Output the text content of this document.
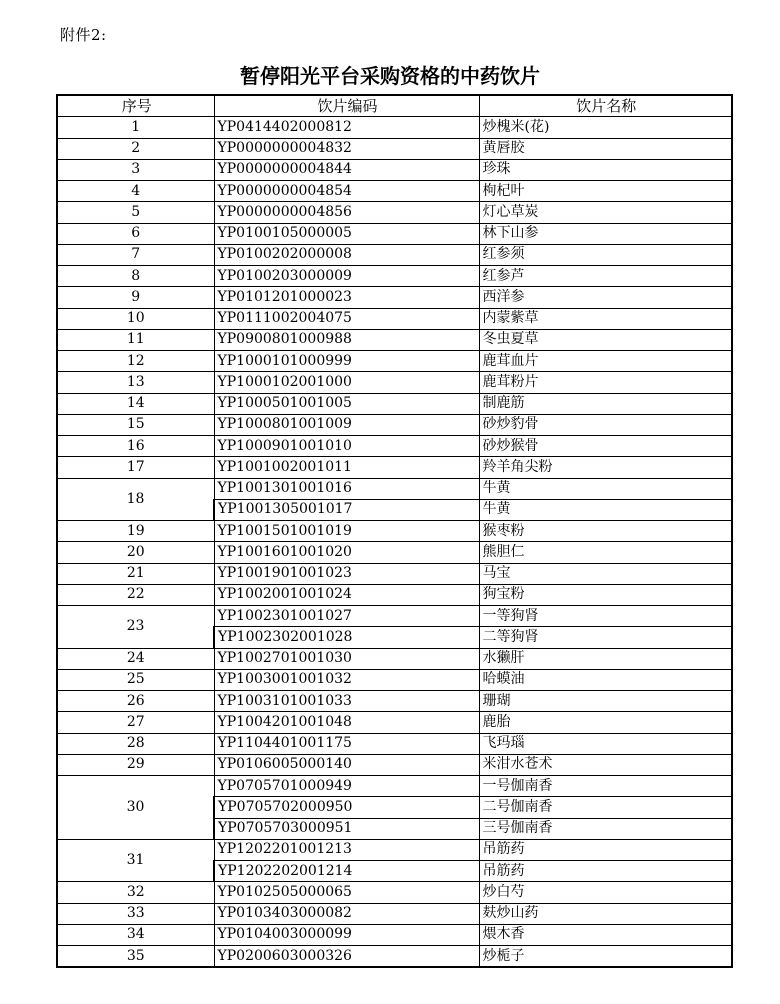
附件2:
暂停阳光平台采购资格的中药饮片
序号	饮片编码	饮片名称
1	YP0414402000812	炒槐米(花)
2	YP0000000004832	黄唇胶
3	YP0000000004844	珍珠
4	YP0000000004854	枸杞叶
5	YP0000000004856	灯心草炭
6	YP0100105000005	林下山参
7	YP0100202000008	红参须
8	YP0100203000009	红参芦
9	YP0101201000023	西洋参
10	YP0111002004075	内蒙紫草
11	YP0900801000988	冬虫夏草
12	YP1000101000999	鹿茸血片
13	YP1000102001000	鹿茸粉片
14	YP1000501001005	制鹿筋
15	YP1000801001009	砂炒豹骨
16	YP1000901001010	砂炒猴骨
17	YP1001002001011	羚羊角尖粉
18	YP1001301001016	牛黄
	YP1001305001017	牛黄
19	YP1001501001019	猴枣粉
20	YP1001601001020	熊胆仁
21	YP1001901001023	马宝
22	YP1002001001024	狗宝粉
23	YP1002301001027	一等狗肾
	YP1002302001028	二等狗肾
24	YP1002701001030	水獭肝
25	YP1003001001032	哈蟆油
26	YP1003101001033	珊瑚
27	YP1004201001048	鹿胎
28	YP1104401001175	飞玛瑙
29	YP0106005000140	米泔水苍术
30	YP0705701000949	一号伽南香
	YP0705702000950	二号伽南香
	YP0705703000951	三号伽南香
31	YP1202201001213	吊筋药
	YP1202202001214	吊筋药
32	YP0102505000065	炒白芍
33	YP0103403000082	麸炒山药
34	YP0104003000099	煨木香
35	YP0200603000326	炒栀子
